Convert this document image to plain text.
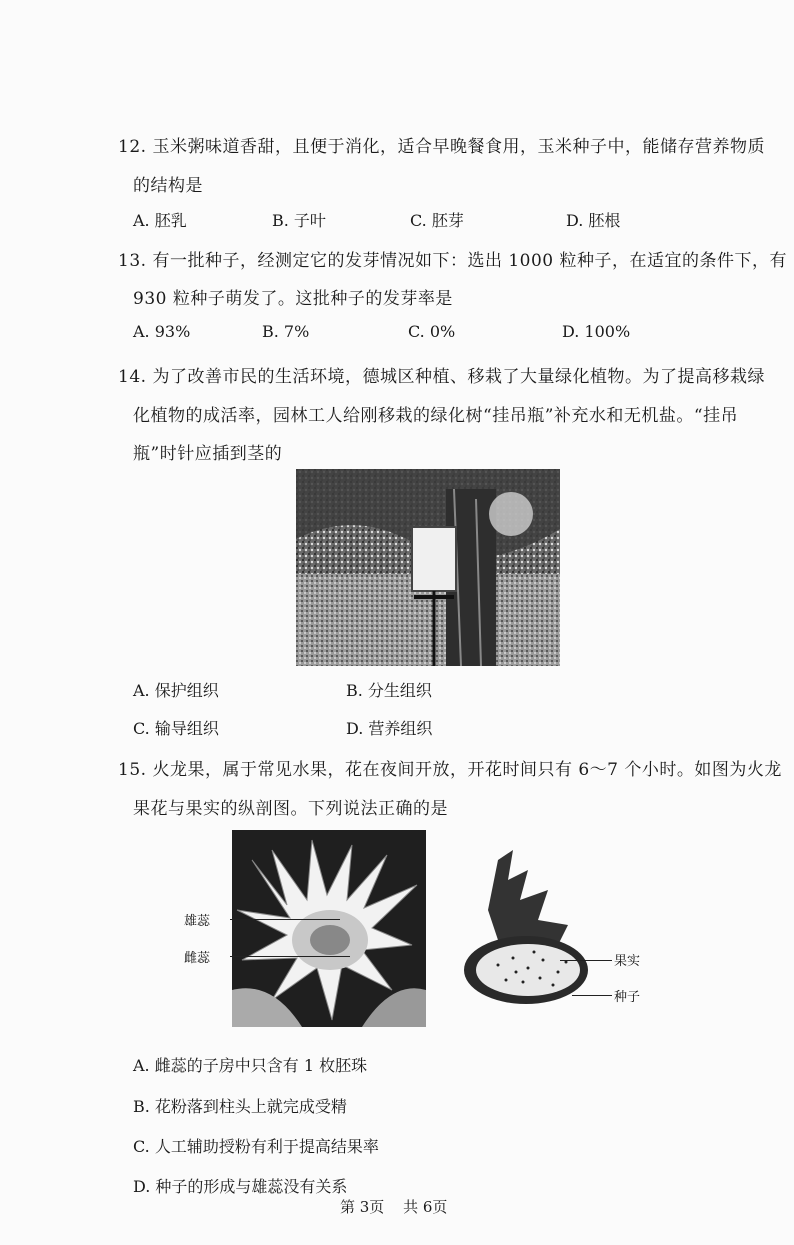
12. 玉米粥味道香甜，且便于消化，适合早晚餐食用，玉米种子中，能储存营养物质
的结构是
A. 胚乳	B. 子叶	C. 胚芽	D. 胚根
13. 有一批种子，经测定它的发芽情况如下：选出 1000 粒种子，在适宜的条件下，有
930 粒种子萌发了。这批种子的发芽率是
A. 93%	B. 7%	C. 0%	D. 100%
14. 为了改善市民的生活环境，德城区种植、移栽了大量绿化植物。为了提高移栽绿
化植物的成活率，园林工人给刚移栽的绿化树“挂吊瓶”补充水和无机盐。“挂吊
瓶”时针应插到茎的
A. 保护组织	B. 分生组织
C. 输导组织	D. 营养组织
15. 火龙果，属于常见水果，花在夜间开放，开花时间只有 6～7 个小时。如图为火龙
果花与果实的纵剖图。下列说法正确的是
雄蕊
雌蕊	果实
种子
A. 雌蕊的子房中只含有 1 枚胚珠
B. 花粉落到柱头上就完成受精
C. 人工辅助授粉有利于提高结果率
D. 种子的形成与雄蕊没有关系
第 3页 共 6页
